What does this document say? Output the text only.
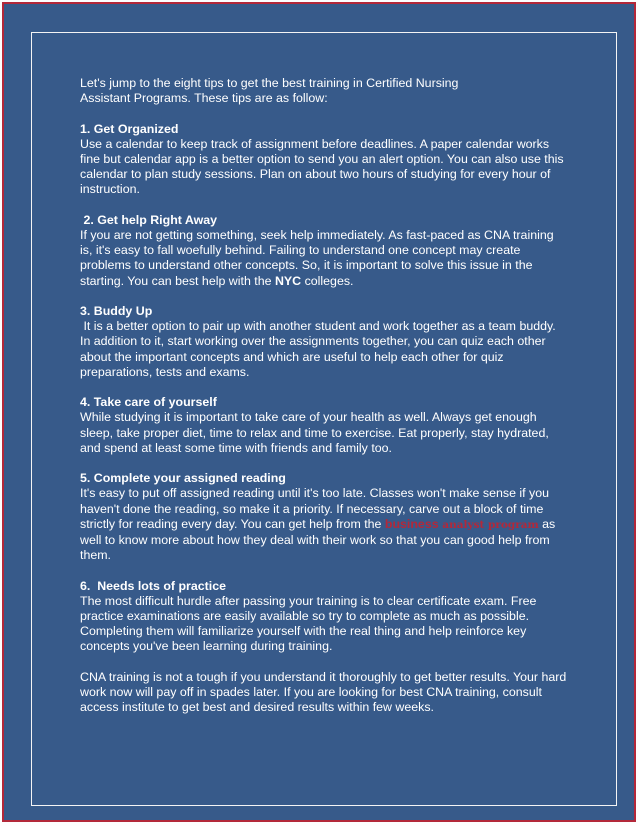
Let's jump to the eight tips to get the best training in Certified Nursing
Assistant Programs. These tips are as follow:

1. Get Organized
Use a calendar to keep track of assignment before deadlines. A paper calendar works fine but calendar app is a better option to send you an alert option. You can also use this calendar to plan study sessions. Plan on about two hours of studying for every hour of instruction.

2. Get help Right Away
If you are not getting something, seek help immediately. As fast-paced as CNA training is, it's easy to fall woefully behind. Failing to understand one concept may create problems to understand other concepts. So, it is important to solve this issue in the starting. You can best help with the NYC colleges.

3. Buddy Up
It is a better option to pair up with another student and work together as a team buddy. In addition to it, start working over the assignments together, you can quiz each other about the important concepts and which are useful to help each other for quiz preparations, tests and exams.

4. Take care of yourself
While studying it is important to take care of your health as well. Always get enough sleep, take proper diet, time to relax and time to exercise. Eat properly, stay hydrated, and spend at least some time with friends and family too.

5. Complete your assigned reading
It's easy to put off assigned reading until it's too late. Classes won't make sense if you haven't done the reading, so make it a priority. If necessary, carve out a block of time strictly for reading every day. You can get help from the business analyst program as well to know more about how they deal with their work so that you can good help from them.

6.  Needs lots of practice
The most difficult hurdle after passing your training is to clear certificate exam. Free practice examinations are easily available so try to complete as much as possible. Completing them will familiarize yourself with the real thing and help reinforce key concepts you've been learning during training.

CNA training is not a tough if you understand it thoroughly to get better results. Your hard work now will pay off in spades later. If you are looking for best CNA training, consult access institute to get best and desired results within few weeks.
